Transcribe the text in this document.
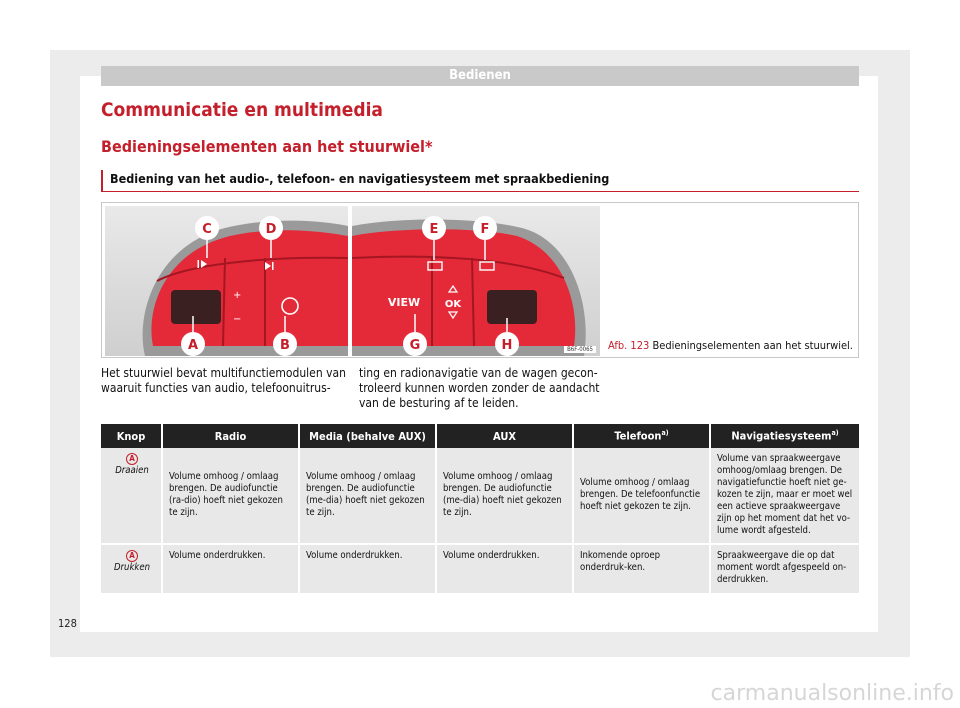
Bedienen
Communicatie en multimedia
Bedieningselementen aan het stuurwiel*
Bediening van het audio-, telefoon- en navigatiesysteem met spraakbediening
+
−
C	D
A	B
VIEW OK
E	F
G	H	B6F-0065 Afb. 123 Bedieningselementen aan het stuurwiel.
Het stuurwiel bevat multifunctiemodulen van waaruit functies van audio, telefoonuitrus-
ting en radionavigatie van de wagen gecon-troleerd kunnen worden zonder de aandacht van de besturing af te leiden.
Knop	Radio	Media (behalve AUX)	AUX	Telefoon$^{a)}$	Navigatiesysteem$^{a)}$
A
Draaien	Volume omhoog / omlaag brengen. De audiofunctie (ra-dio) hoeft niet gekozen te zijn.	Volume omhoog / omlaag brengen. De audiofunctie (me-dia) hoeft niet gekozen te zijn.	Volume omhoog / omlaag brengen. De audiofunctie (me-dia) hoeft niet gekozen te zijn.	Volume omhoog / omlaag brengen. De telefoonfunctie hoeft niet gekozen te zijn.	Volume van spraakweergave omhoog/omlaag brengen. De navigatiefunctie hoeft niet ge-kozen te zijn, maar er moet wel een actieve spraakweergave zijn op het moment dat het vo-lume wordt afgesteld.
A
Drukken	Volume onderdrukken.	Volume onderdrukken.	Volume onderdrukken.	Inkomende oproep onderdruk-ken.	Spraakweergave die op dat moment wordt afgespeeld on-derdrukken.
128
carmanualsonline.info
